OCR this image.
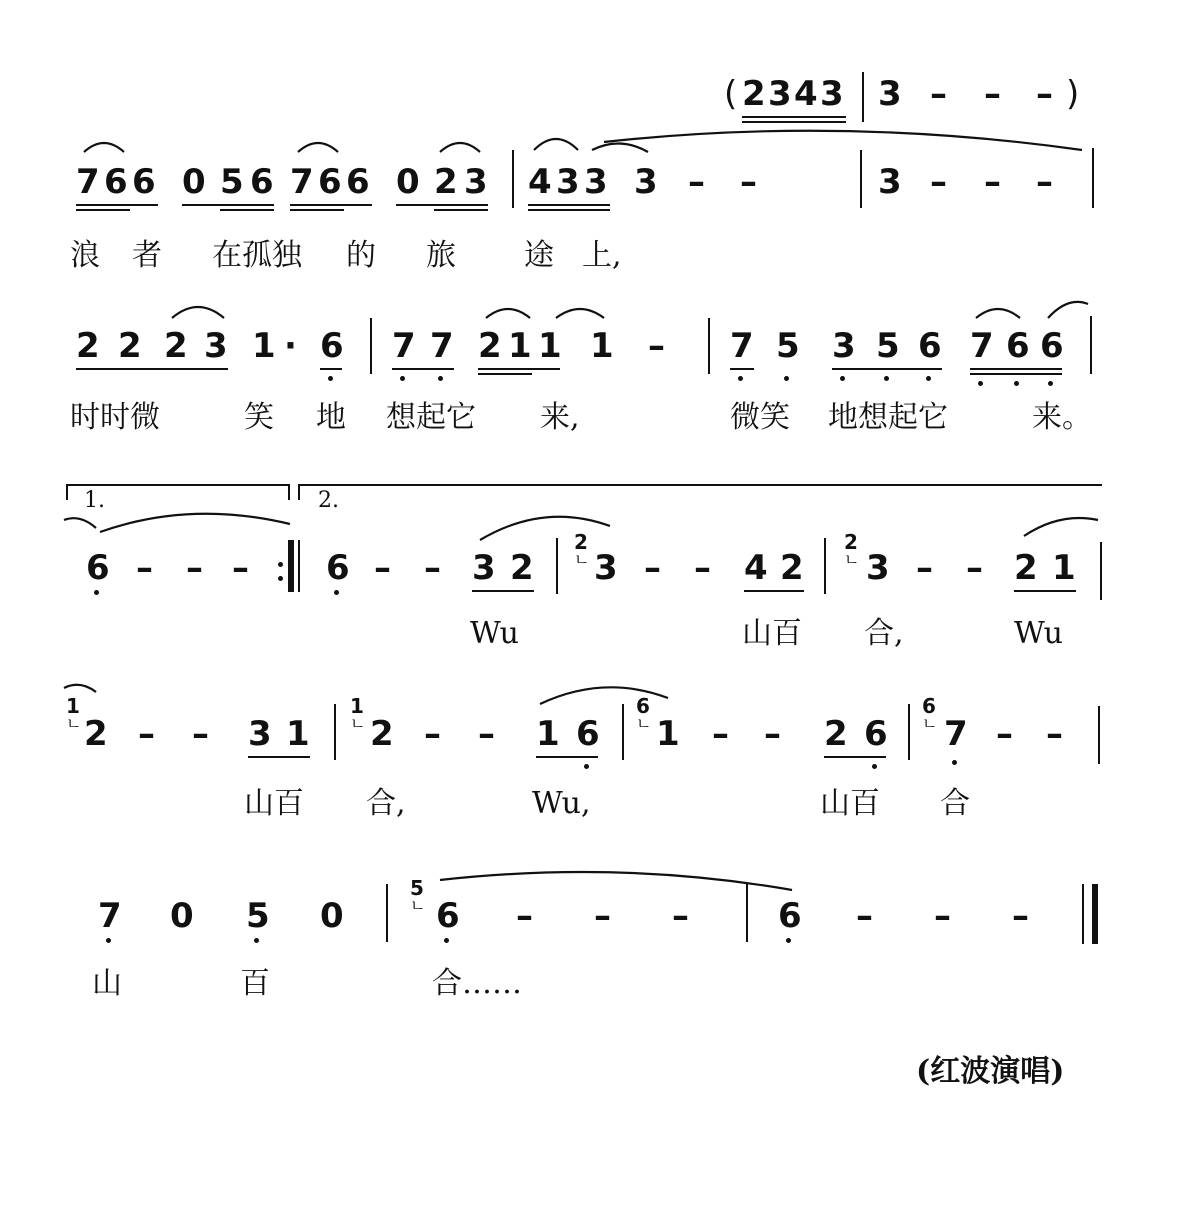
( 2 3 4 3 3 – – – )
7 6 6 0 5 6 7 6 6 0 2 3 4 3 3 3 – –	3 – – –
浪 者 在孤独 的 旅 途 上,
2 2 2 3 1 · 6 7 7 2 1 1 1 – 7 5 3 5 6 7 6 6
时时微	笑 地 想起它 来,	微笑 地想起它	来。
1.	2.
6 – – – 6 – – 3 2
2
ㄴ 3 – – 4 2
2
ㄴ 3 – – 2 1
Wu	山百 合,	Wu
1
ㄴ 2 – – 3 1
1
ㄴ 2 – – 1 6
6
ㄴ 1 – – 2 6
6
ㄴ 7 – –
山百 合,	Wu,	山百 合
7 0 5 0
5
ㄴ 6 – – –	6 – – –
山	百	合……
(红波演唱)
